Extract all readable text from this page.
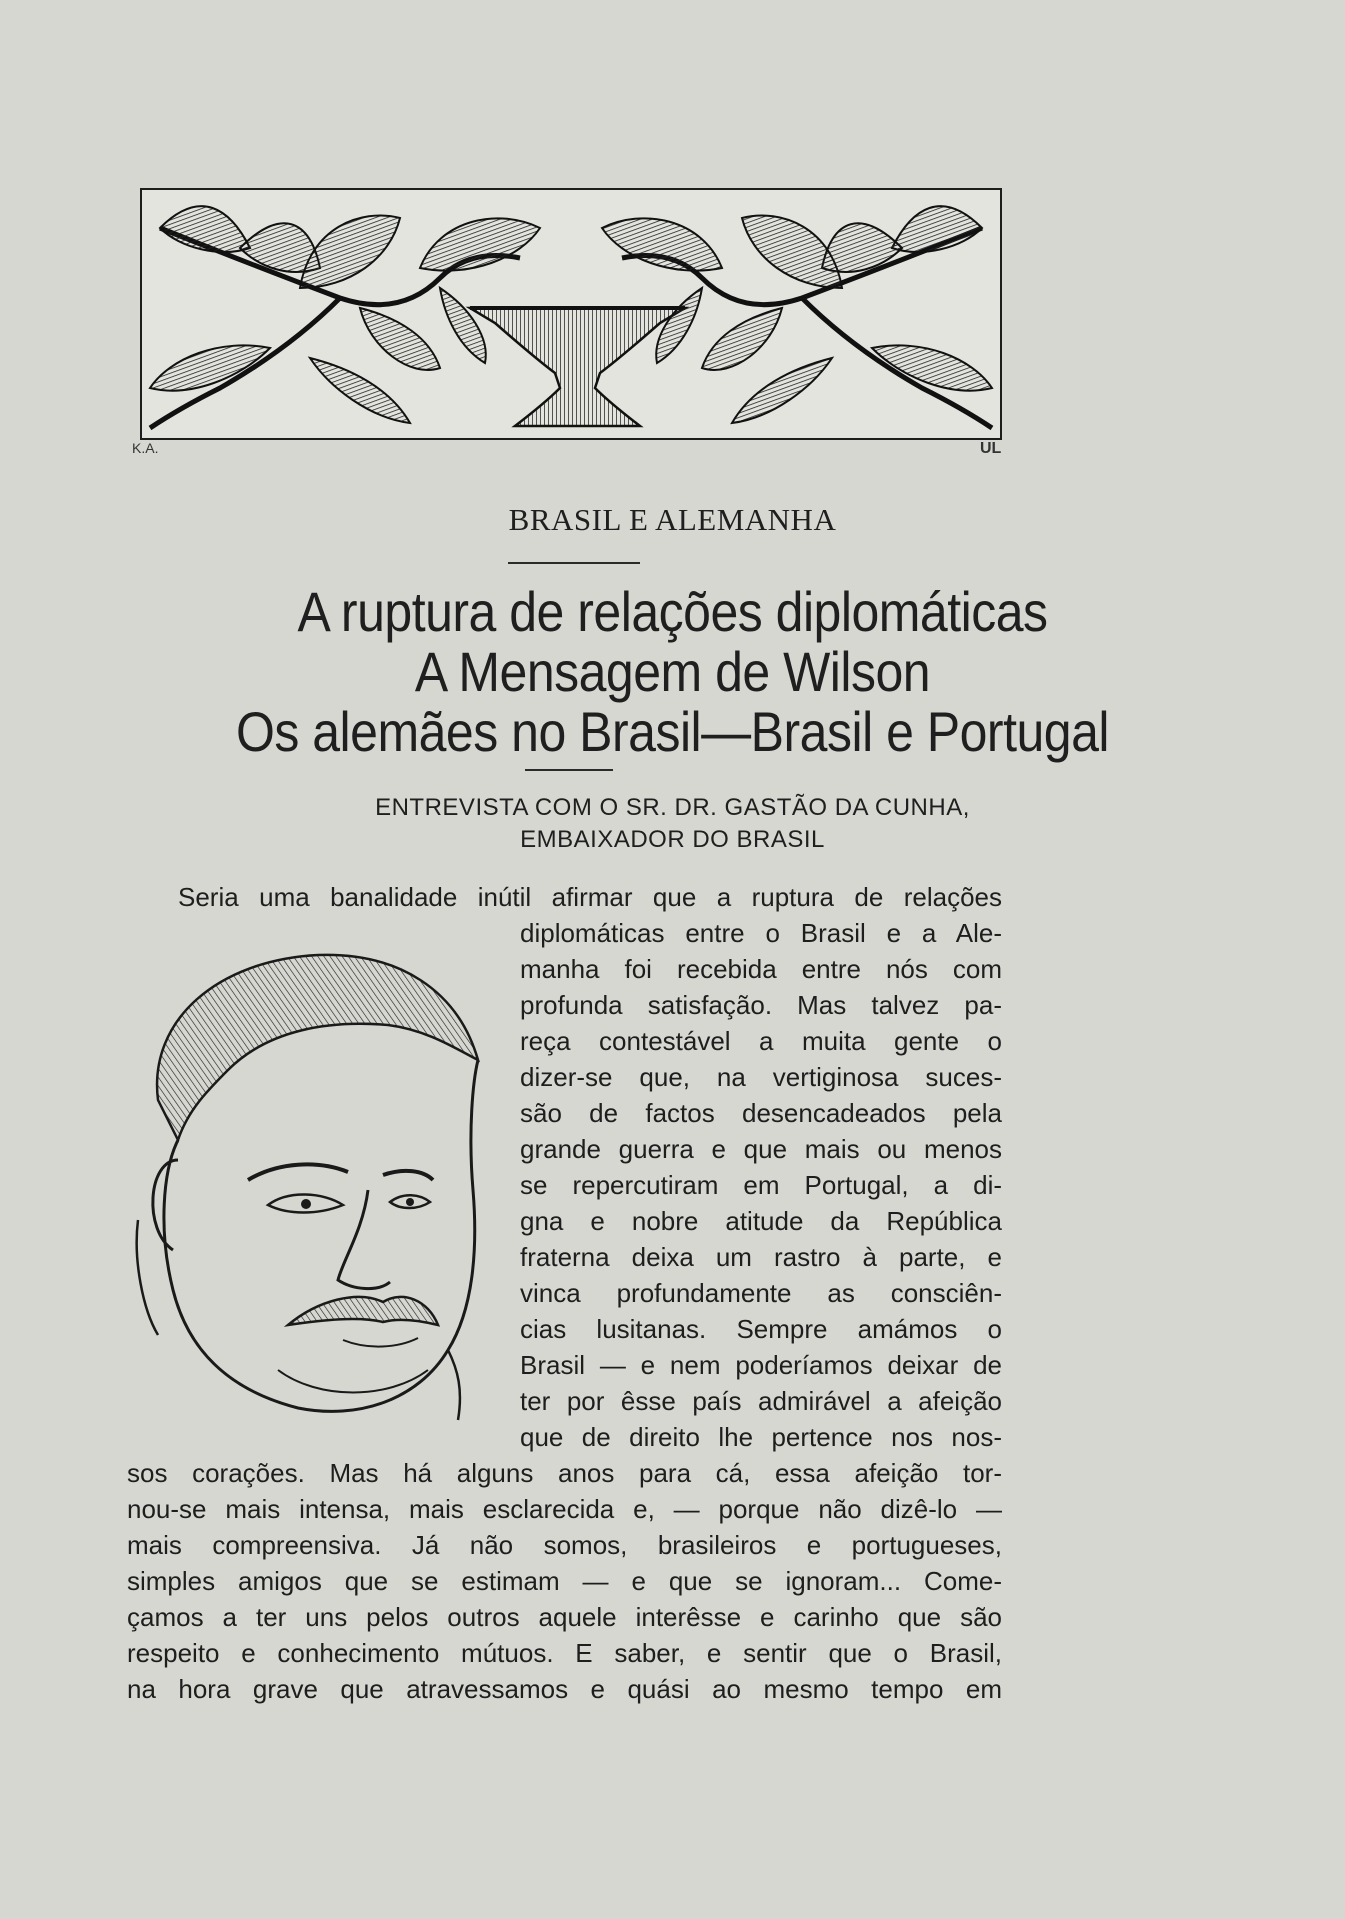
K.A.	UL
BRASIL E ALEMANHA
A ruptura de relações diplomáticas
A Mensagem de Wilson
Os alemães no Brasil—Brasil e Portugal
ENTREVISTA COM O SR. DR. GASTÃO DA CUNHA,
EMBAIXADOR DO BRASIL
Seria uma banalidade inútil afirmar que a ruptura de relações
diplomáticas entre o Brasil e a Ale-
manha foi recebida entre nós com
profunda satisfação. Mas talvez pa-
reça contestável a muita gente o
dizer-se que, na vertiginosa suces-
são de factos desencadeados pela
grande guerra e que mais ou menos
se repercutiram em Portugal, a di-
gna e nobre atitude da República
fraterna deixa um rastro à parte, e
vinca profundamente as consciên-
cias lusitanas. Sempre amámos o
Brasil — e nem poderíamos deixar de
ter por êsse país admirável a afeição
que de direito lhe pertence nos nos-
sos corações. Mas há alguns anos para cá, essa afeição tor-
nou-se mais intensa, mais esclarecida e, — porque não dizê-lo —
mais compreensiva. Já não somos, brasileiros e portugueses,
simples amigos que se estimam — e que se ignoram... Come-
çamos a ter uns pelos outros aquele interêsse e carinho que são
respeito e conhecimento mútuos. E saber, e sentir que o Brasil,
na hora grave que atravessamos e quási ao mesmo tempo em
